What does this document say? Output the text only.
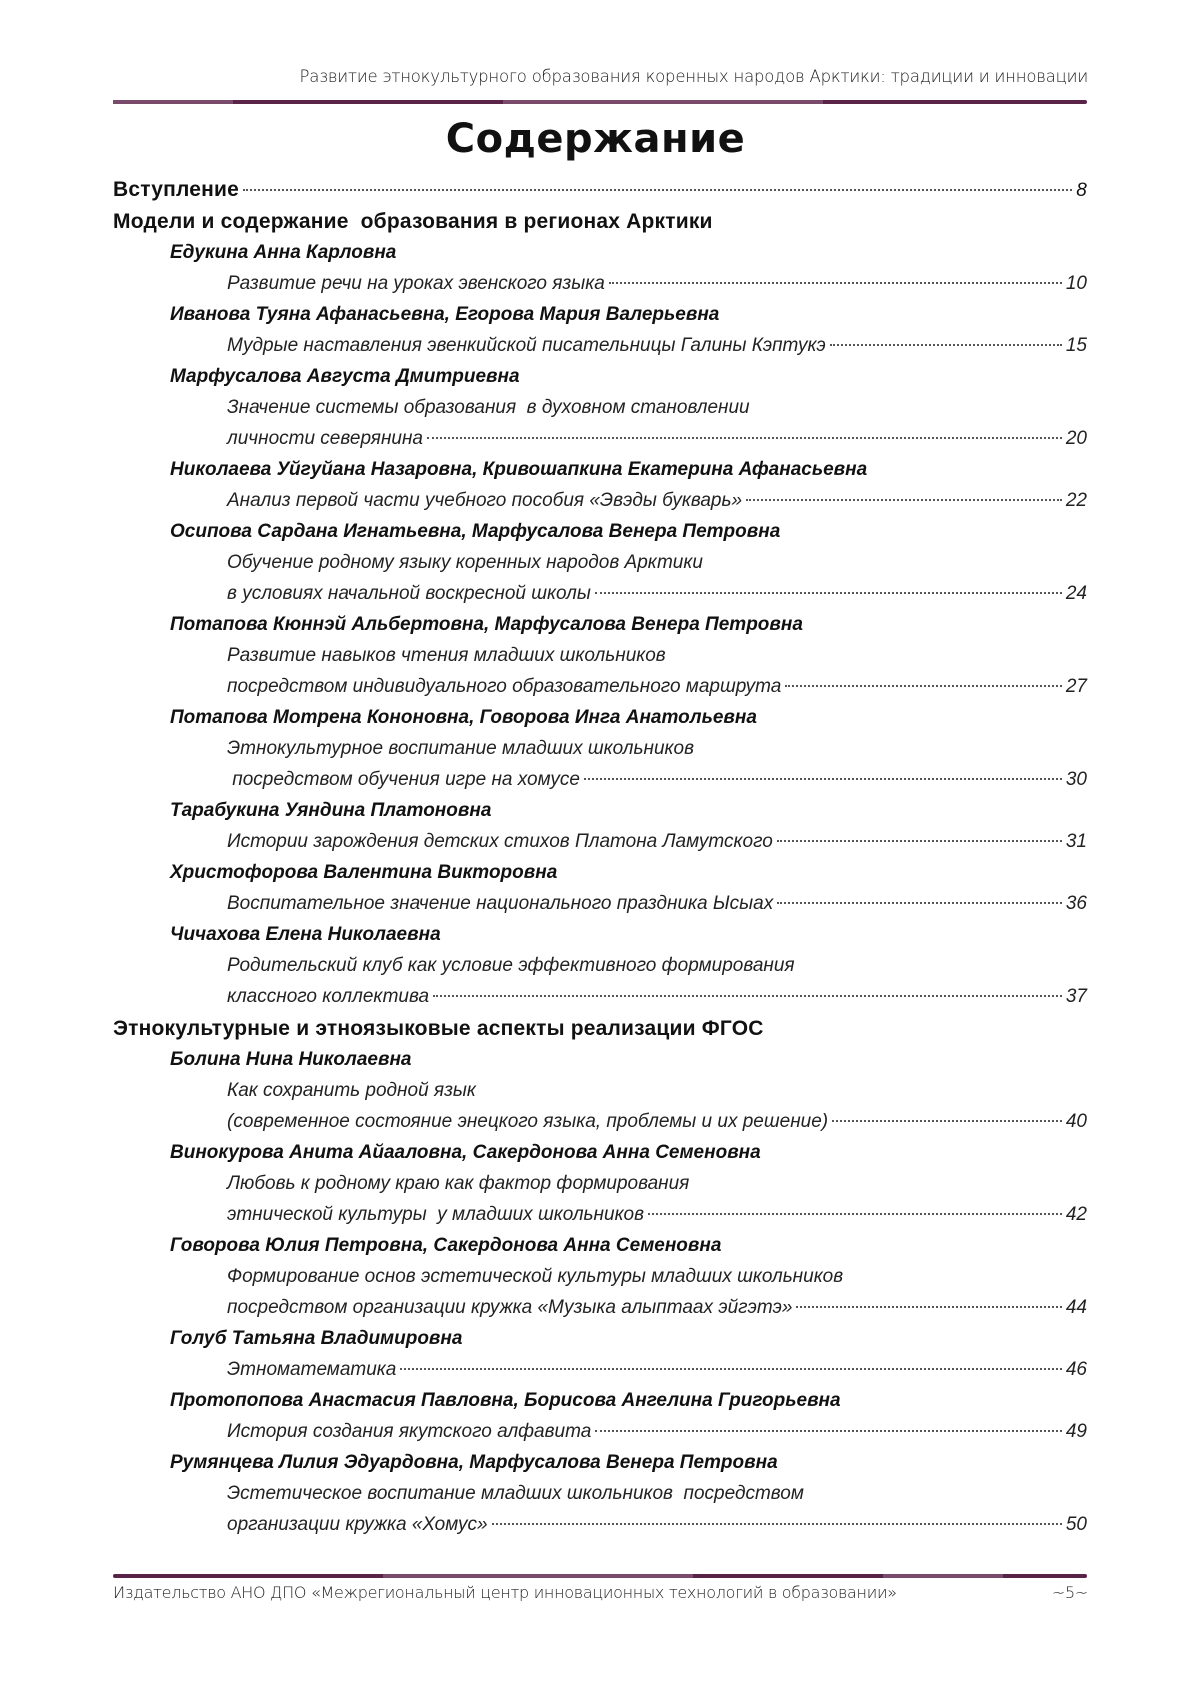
Развитие этнокультурного образования коренных народов Арктики: традиции и инновации
Содержание
Вступление	8
Модели и содержание  образования в регионах Арктики
Едукина Анна Карловна
Развитие речи на уроках эвенского языка	10
Иванова Туяна Афанасьевна, Егорова Мария Валерьевна
Мудрые наставления эвенкийской писательницы Галины Кэптукэ	15
Марфусалова Августа Дмитриевна
Значение системы образования  в духовном становлении
личности северянина	20
Николаева Уйгуйана Назаровна, Кривошапкина Екатерина Афанасьевна
Анализ первой части учебного пособия «Эвэды букварь»	22
Осипова Сардана Игнатьевна, Марфусалова Венера Петровна
Обучение родному языку коренных народов Арктики
в условиях начальной воскресной школы	24
Потапова Кюннэй Альбертовна, Марфусалова Венера Петровна
Развитие навыков чтения младших школьников
посредством индивидуального образовательного маршрута	27
Потапова Мотрена Кононовна, Говорова Инга Анатольевна
Этнокультурное воспитание младших школьников
посредством обучения игре на хомусе	30
Тарабукина Уяндина Платоновна
Истории зарождения детских стихов Платона Ламутского	31
Христофорова Валентина Викторовна
Воспитательное значение национального праздника Ысыах	36
Чичахова Елена Николаевна
Родительский клуб как условие эффективного формирования
классного коллектива	37
Этнокультурные и этноязыковые аспекты реализации ФГОС
Болина Нина Николаевна
Как сохранить родной язык
(современное состояние энецкого языка, проблемы и их решение)	40
Винокурова Анита Айааловна, Сакердонова Анна Семеновна
Любовь к родному краю как фактор формирования
этнической культуры  у младших школьников	42
Говорова Юлия Петровна, Сакердонова Анна Семеновна
Формирование основ эстетической культуры младших школьников
посредством организации кружка «Музыка алыптаах эйгэтэ»	44
Голуб Татьяна Владимировна
Этноматематика	46
Протопопова Анастасия Павловна, Борисова Ангелина Григорьевна
История создания якутского алфавита	49
Румянцева Лилия Эдуардовна, Марфусалова Венера Петровна
Эстетическое воспитание младших школьников  посредством
организации кружка «Хомус»	50
Издательство АНО ДПО «Межрегиональный центр инновационных технологий в образовании»	~5~
